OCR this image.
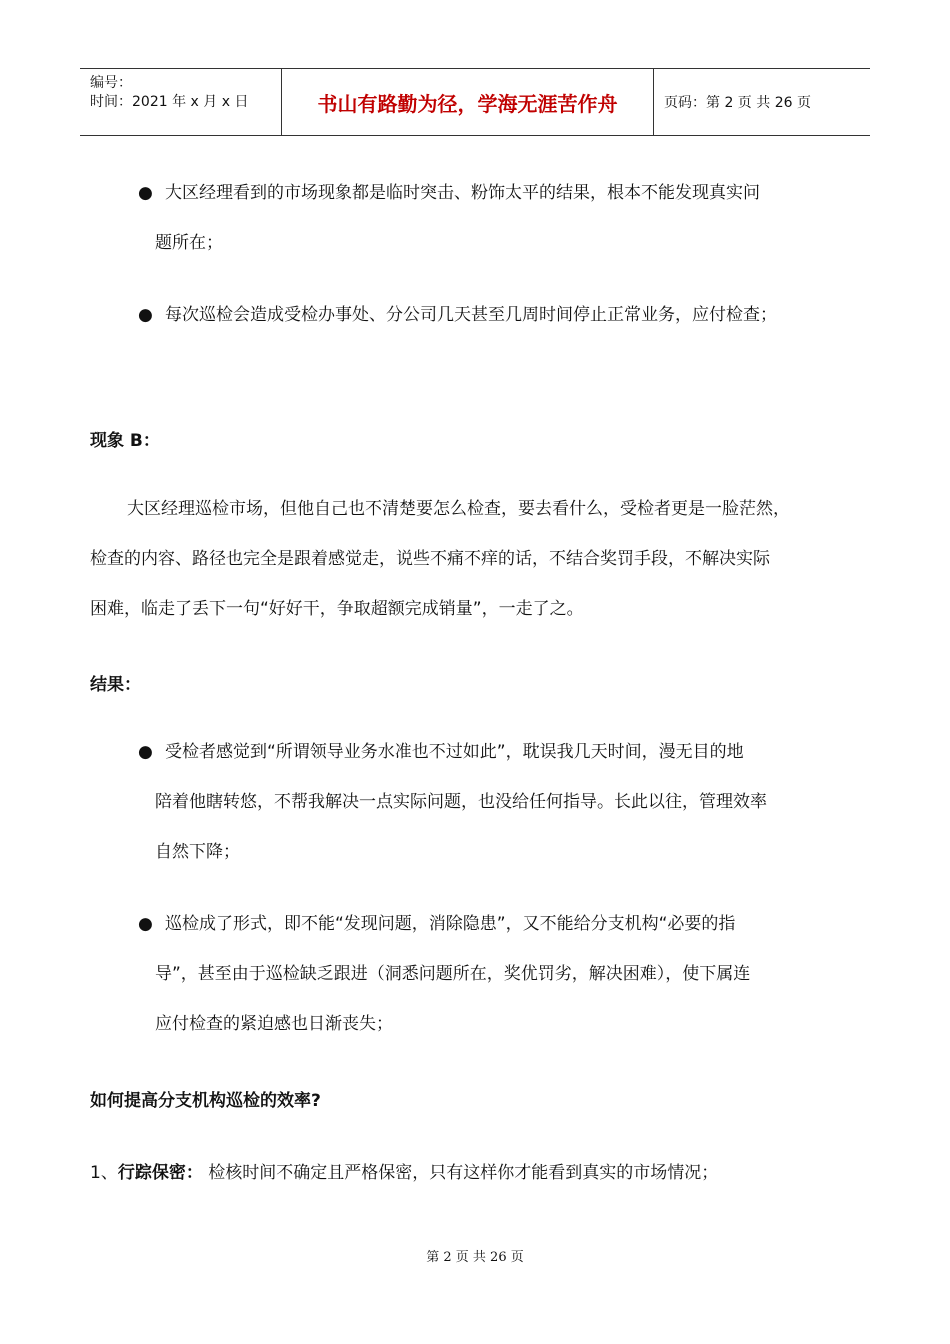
编号：
时间：2021 年 x 月 x 日	书山有路勤为径，学海无涯苦作舟	页码：第 2 页 共 26 页
● 大区经理看到的市场现象都是临时突击、粉饰太平的结果，根本不能发现真实问
题所在；
● 每次巡检会造成受检办事处、分公司几天甚至几周时间停止正常业务，应付检查；
现象 B：
大区经理巡检市场，但他自己也不清楚要怎么检查，要去看什么，受检者更是一脸茫然，
检查的内容、路径也完全是跟着感觉走，说些不痛不痒的话，不结合奖罚手段，不解决实际
困难，临走了丢下一句“好好干，争取超额完成销量”，一走了之。
结果：
● 受检者感觉到“所谓领导业务水准也不过如此”，耽误我几天时间，漫无目的地
陪着他瞎转悠，不帮我解决一点实际问题，也没给任何指导。长此以往，管理效率
自然下降；
● 巡检成了形式，即不能“发现问题，消除隐患”，又不能给分支机构“必要的指
导”，甚至由于巡检缺乏跟进（洞悉问题所在，奖优罚劣，解决困难），使下属连
应付检查的紧迫感也日渐丧失；
如何提高分支机构巡检的效率?
1、行踪保密： 检核时间不确定且严格保密，只有这样你才能看到真实的市场情况；
第 2 页 共 26 页
